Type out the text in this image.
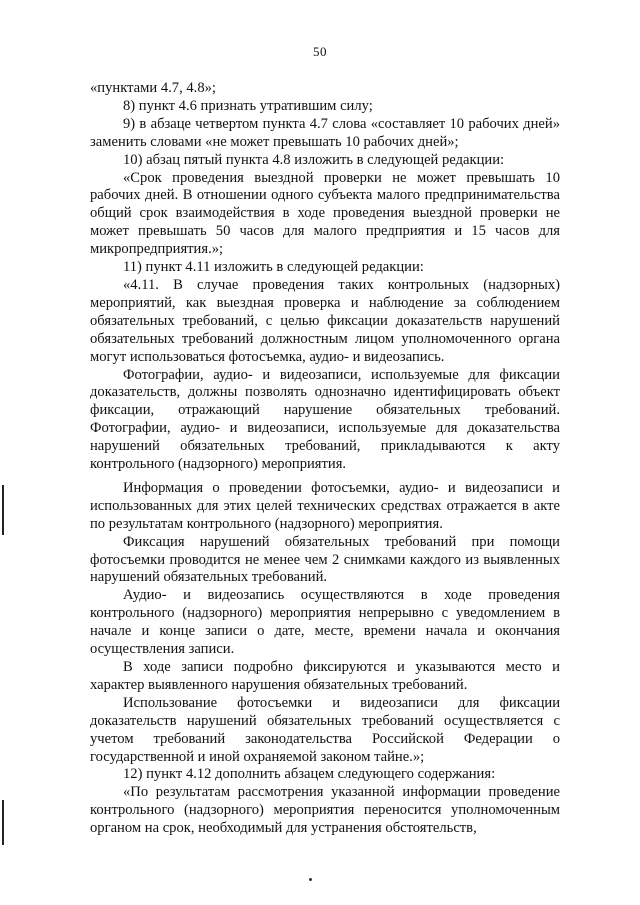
50

«пунктами 4.7, 4.8»;

8) пункт 4.6 признать утратившим силу;

9) в абзаце четвертом пункта 4.7 слова «составляет 10 рабочих дней» заменить словами «не может превышать 10 рабочих дней»;

10) абзац пятый пункта 4.8 изложить в следующей редакции:

«Срок проведения выездной проверки не может превышать 10 рабочих дней. В отношении одного субъекта малого предпринимательства общий срок взаимодействия в ходе проведения выездной проверки не может превышать 50 часов для малого предприятия и 15 часов для микропредприятия.»;

11) пункт 4.11 изложить в следующей редакции:

«4.11. В случае проведения таких контрольных (надзорных) мероприятий, как выездная проверка и наблюдение за соблюдением обязательных требований, с целью фиксации доказательств нарушений обязательных требований должностным лицом уполномоченного органа могут использоваться фотосъемка, аудио- и видеозапись.

Фотографии, аудио- и видеозаписи, используемые для фиксации доказательств, должны позволять однозначно идентифицировать объект фиксации, отражающий нарушение обязательных требований. Фотографии, аудио- и видеозаписи, используемые для доказательства нарушений обязательных требований, прикладываются к акту контрольного (надзорного) мероприятия.

Информация о проведении фотосъемки, аудио- и видеозаписи и использованных для этих целей технических средствах отражается в акте по результатам контрольного (надзорного) мероприятия.

Фиксация нарушений обязательных требований при помощи фотосъемки проводится не менее чем 2 снимками каждого из выявленных нарушений обязательных требований.

Аудио- и видеозапись осуществляются в ходе проведения контрольного (надзорного) мероприятия непрерывно с уведомлением в начале и конце записи о дате, месте, времени начала и окончания осуществления записи.

В ходе записи подробно фиксируются и указываются место и характер выявленного нарушения обязательных требований.

Использование фотосъемки и видеозаписи для фиксации доказательств нарушений обязательных требований осуществляется с учетом требований законодательства Российской Федерации о государственной и иной охраняемой законом тайне.»;

12) пункт 4.12 дополнить абзацем следующего содержания:

«По результатам рассмотрения указанной информации проведение контрольного (надзорного) мероприятия переносится уполномоченным органом на срок, необходимый для устранения обстоятельств,
